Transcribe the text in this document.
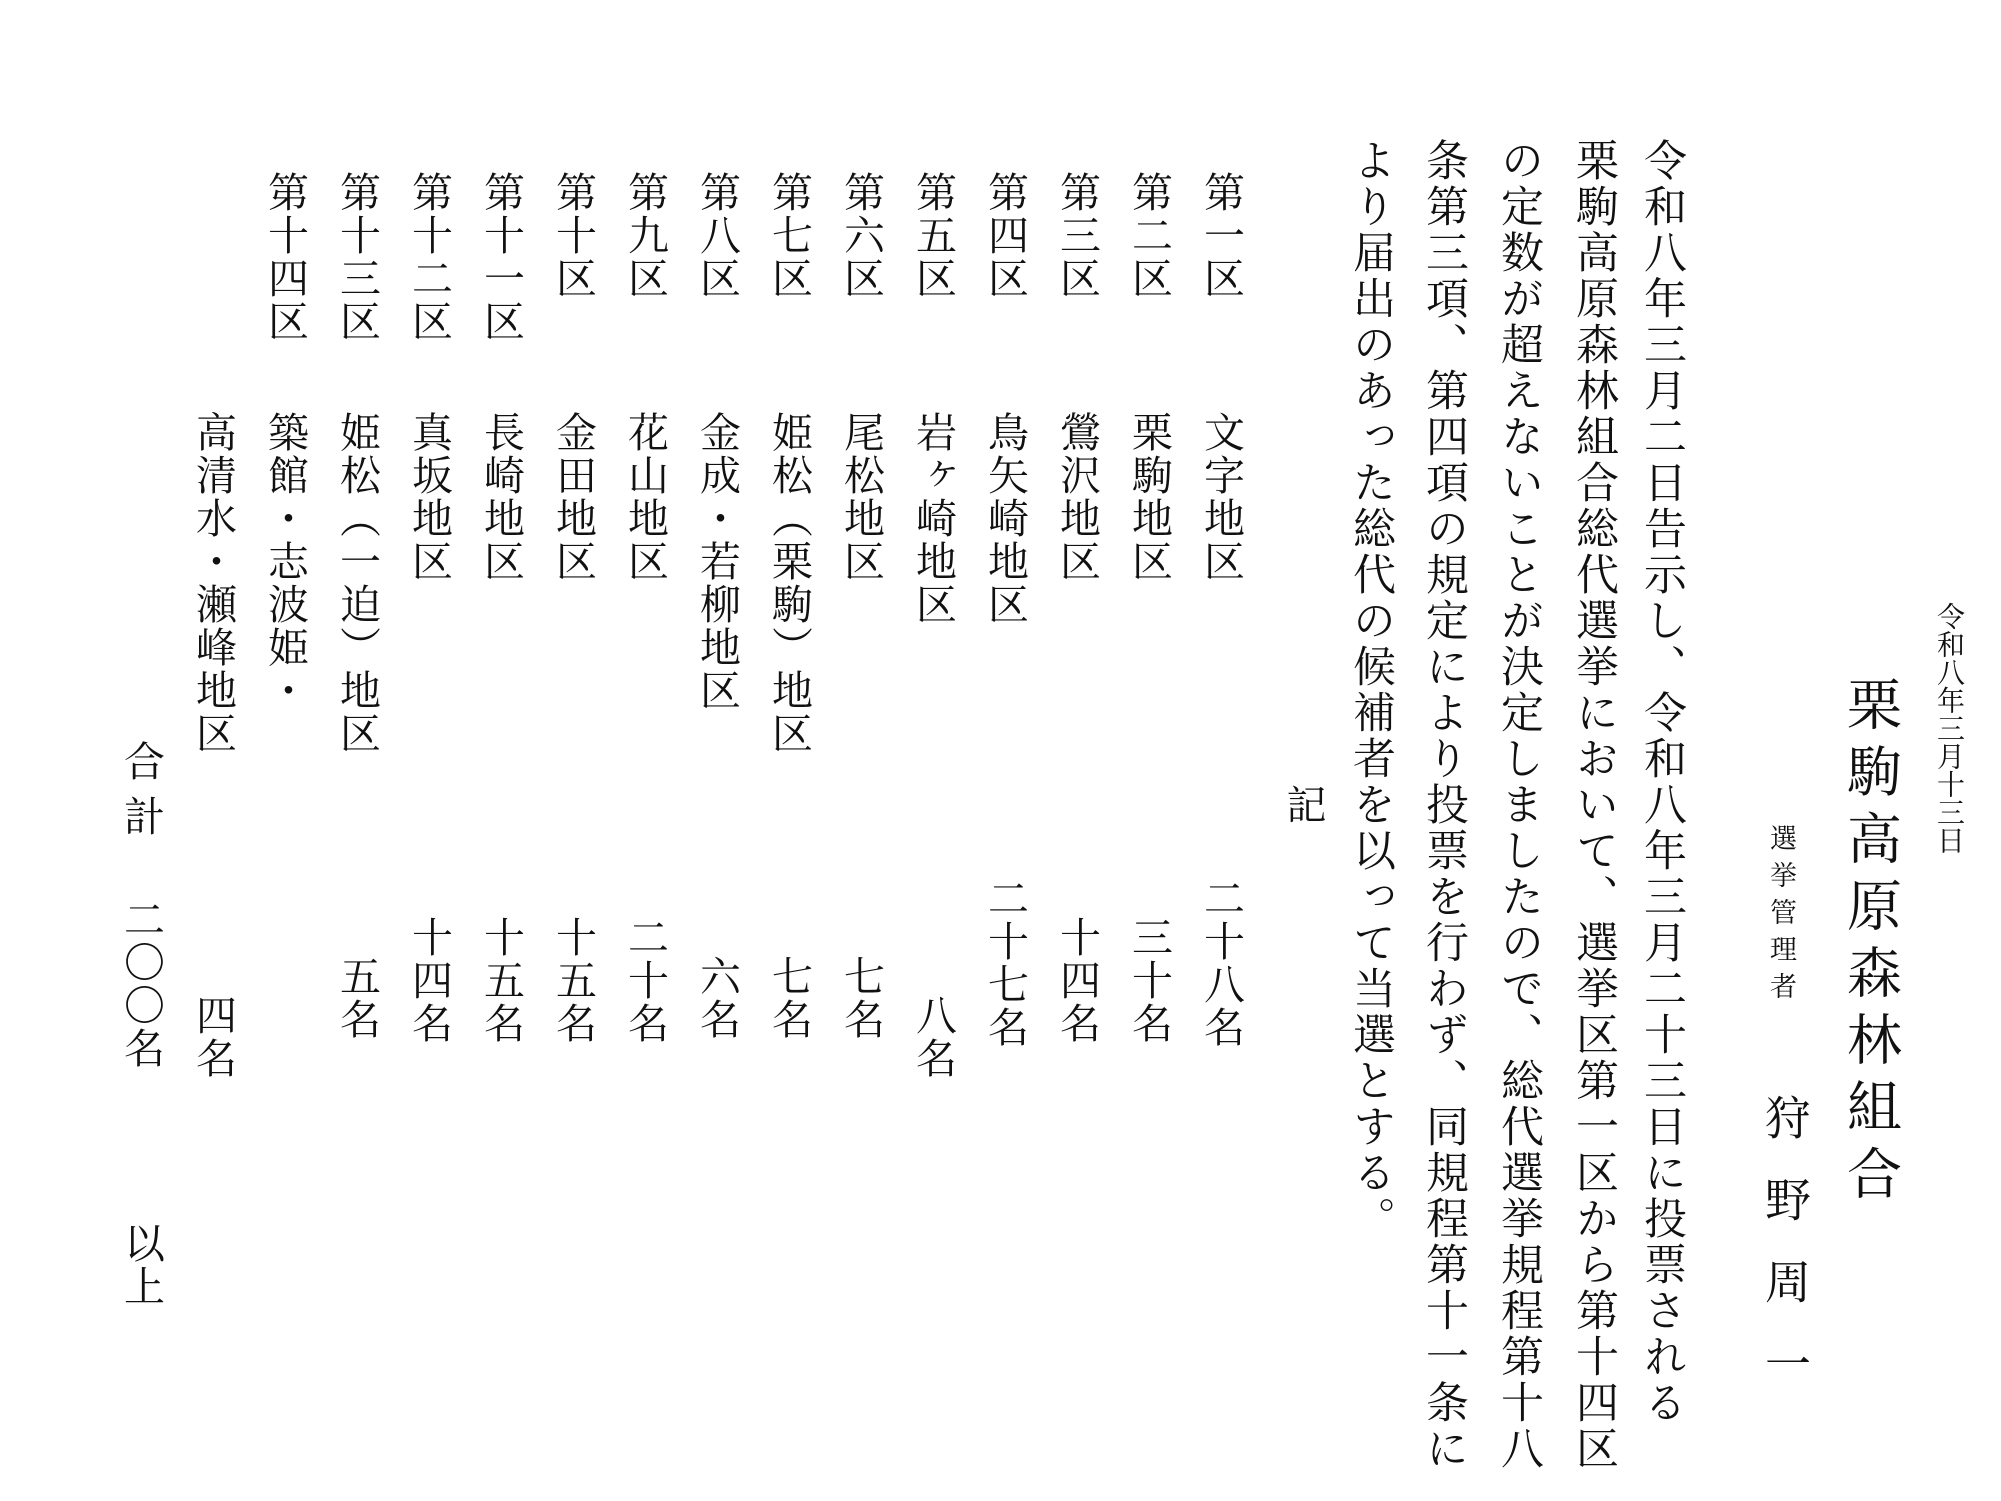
令和八年三月十三日
栗駒高原森林組合
選挙管理者
狩野周一
令和八年三月二日告示し、令和八年三月二十三日に投票される
栗駒高原森林組合総代選挙において、選挙区第一区から第十四区
の定数が超えないことが決定しましたので、総代選挙規程第十八
条第三項、第四項の規定により投票を行わず、同規程第十一条に
より届出のあった総代の候補者を以って当選とする。
記
第一区
文字地区
二十八名
第二区
栗駒地区
三十名
第三区
鶯沢地区
十四名
第四区
鳥矢崎地区
二十七名
第五区
岩ヶ崎地区
八名
第六区
尾松地区
七名
第七区
姫松（栗駒）地区
七名
第八区
金成・若柳地区
六名
第九区
花山地区
二十名
第十区
金田地区
十五名
第十一区
長崎地区
十五名
第十二区
真坂地区
十四名
第十三区
姫松（一迫）地区
五名
第十四区
築館・志波姫・
高清水・瀬峰地区
四名
合計
二〇〇名
以上
